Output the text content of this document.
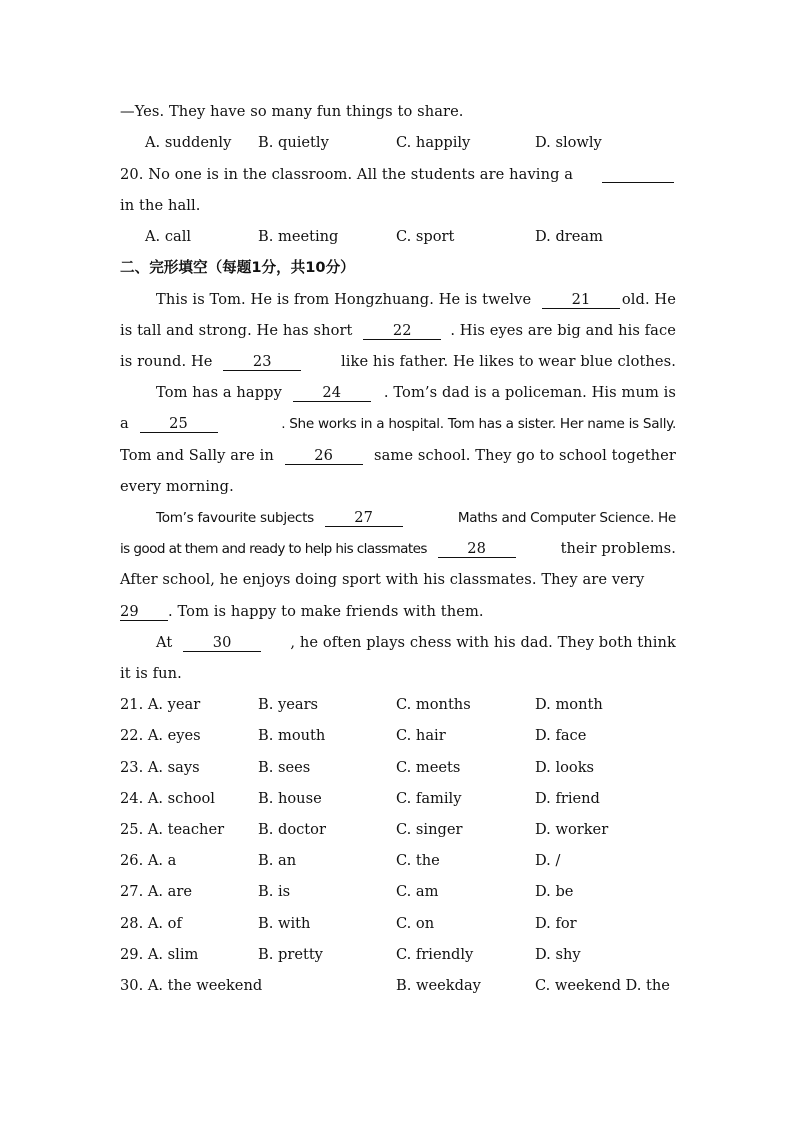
—Yes. They have so many fun things to share.
A. suddenly B. quietly	C. happily	D. slowly
20. No one is in the classroom. All the students are having a

in the hall.
A. call	B. meeting	C. sport	D. dream
二、完形填空（每题1分，共10分）
This is Tom. He is from Hongzhuang. He is twelve	21 old. He
is tall and strong. He has short	22	. His eyes are big and his face
is round. He	23	like his father. He likes to wear blue clothes.
Tom has a happy	24	. Tom’s dad is a policeman. His mum is
a	25	. She works in a hospital. Tom has a sister. Her name is Sally.
Tom and Sally are in	26	same school. They go to school together
every morning.
Tom’s favourite subjects	27	Maths and Computer Science. He
is good at them and ready to help his classmates	28	their problems.
After school, he enjoys doing sport with his classmates. They are very
29 . Tom is happy to make friends with them.
At	30	, he often plays chess with his dad. They both think
it is fun.
21. A. year	B. years	C. months	D. month
22. A. eyes	B. mouth	C. hair	D. face
23. A. says	B. sees	C. meets	D. looks
24. A. school	B. house	C. family	D. friend
25. A. teacher B. doctor	C. singer	D. worker
26. A. a	B. an	C. the	D. /
27. A. are	B. is	C. am	D. be
28. A. of	B. with	C. on	D. for
29. A. slim	B. pretty	C. friendly	D. shy
30. A. the weekend	B. weekday	C. weekend D. the
